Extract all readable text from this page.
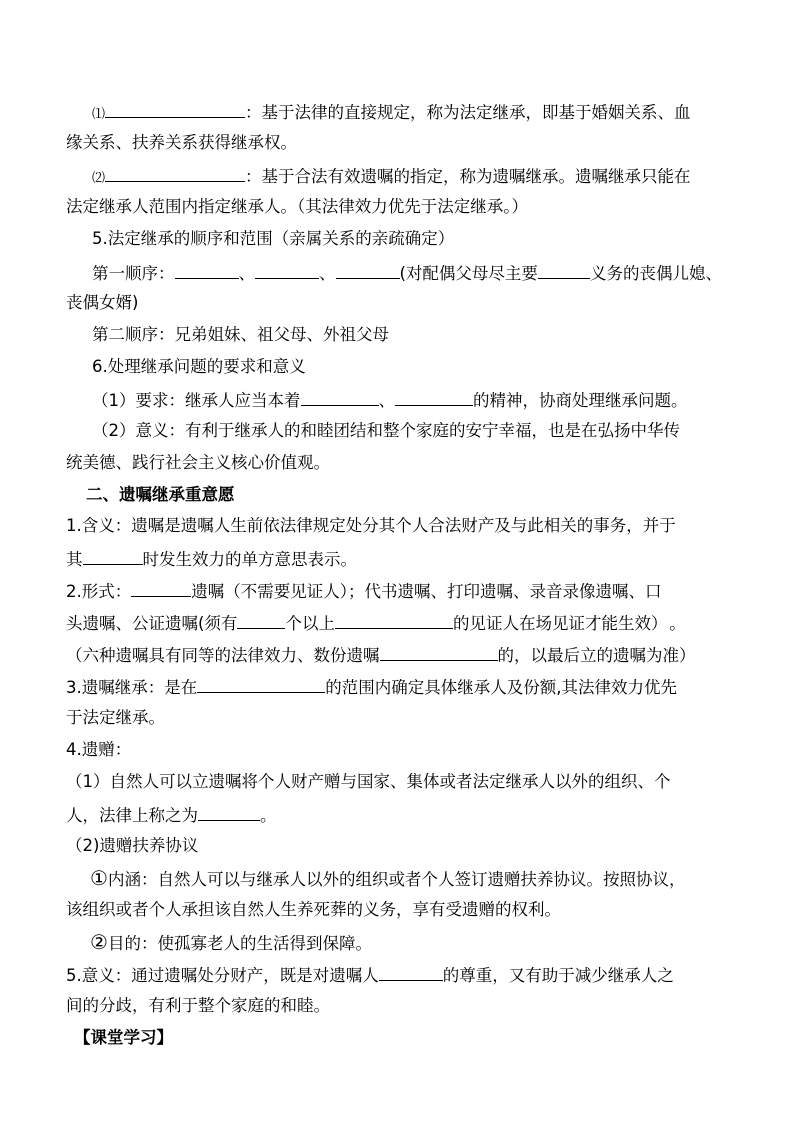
⑴	：基于法律的直接规定，称为法定继承，即基于婚姻关系、血
缘关系、扶养关系获得继承权。
⑵	：基于合法有效遗嘱的指定，称为遗嘱继承。遗嘱继承只能在
法定继承人范围内指定继承人。（其法律效力优先于法定继承。）
5.法定继承的顺序和范围（亲属关系的亲疏确定）
第一顺序：	、	、	(对配偶父母尽主要	义务的丧偶儿媳、
丧偶女婿)
第二顺序：兄弟姐妹、祖父母、外祖父母
6.处理继承问题的要求和意义
（1）要求：继承人应当本着	、	的精神，协商处理继承问题。
（2）意义：有利于继承人的和睦团结和整个家庭的安宁幸福，也是在弘扬中华传
统美德、践行社会主义核心价值观。
二、遗嘱继承重意愿
1.含义：遗嘱是遗嘱人生前依法律规定处分其个人合法财产及与此相关的事务，并于
其	时发生效力的单方意思表示。
2.形式：	遗嘱（不需要见证人）；代书遗嘱、打印遗嘱、录音录像遗嘱、口
头遗嘱、公证遗嘱(须有	个以上	的见证人在场见证才能生效） 。
（六种遗嘱具有同等的法律效力、数份遗嘱	的，以最后立的遗嘱为准）
3.遗嘱继承：是在	的范围内确定具体继承人及份额,其法律效力优先
于法定继承。
4.遗赠：
（1）自然人可以立遗嘱将个人财产赠与国家、集体或者法定继承人以外的组织、个
人，法律上称之为	。
（2)遗赠扶养协议
①内涵：自然人可以与继承人以外的组织或者个人签订遗赠扶养协议。按照协议，
该组织或者个人承担该自然人生养死葬的义务，享有受遗赠的权利。
②目的：使孤寡老人的生活得到保障。
5.意义：通过遗嘱处分财产，既是对遗嘱人	的尊重，又有助于减少继承人之
间的分歧，有利于整个家庭的和睦。
【课堂学习】
